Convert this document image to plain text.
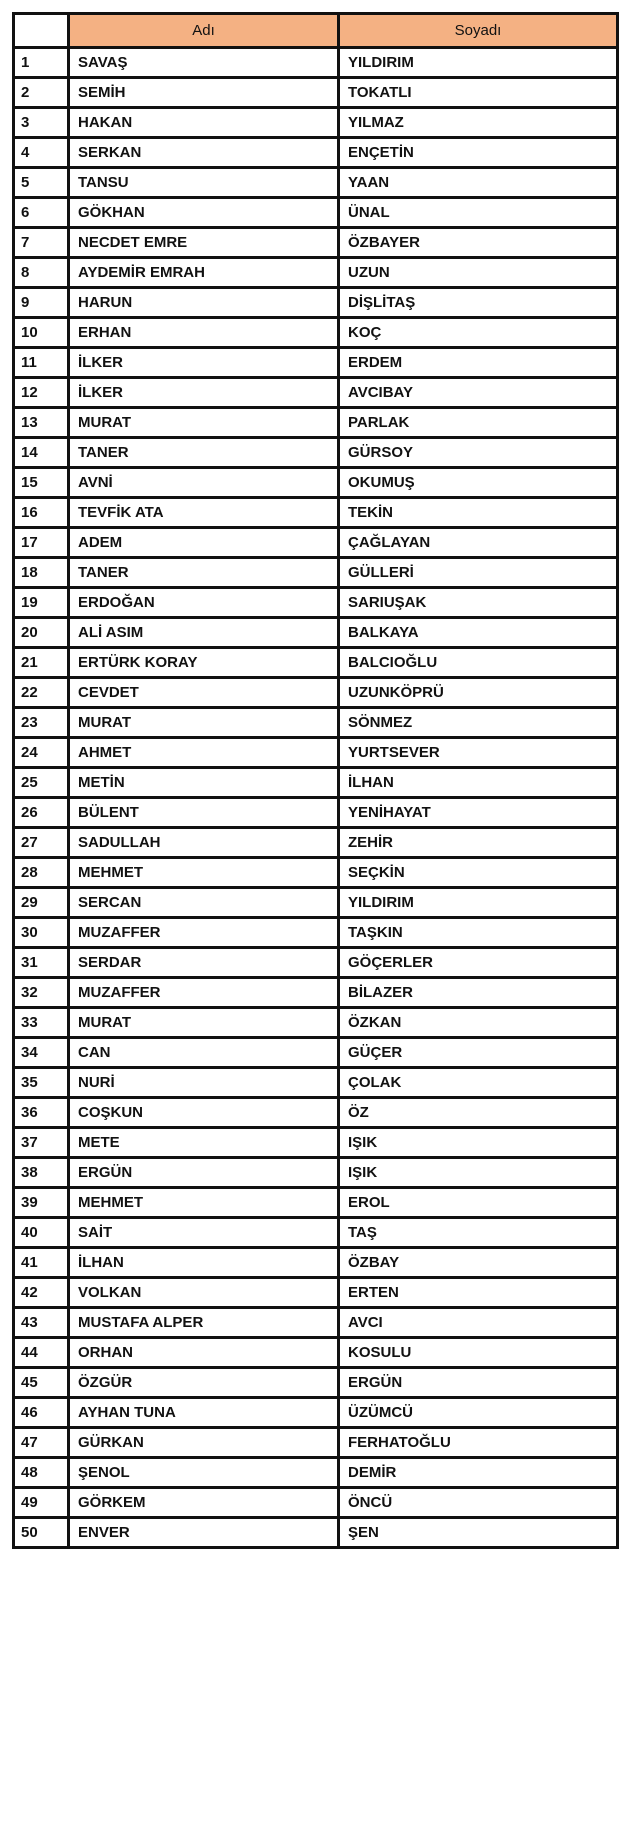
	Adı	Soyadı
1	SAVAŞ	YILDIRIM
2	SEMİH	TOKATLI
3	HAKAN	YILMAZ
4	SERKAN	ENÇETİN
5	TANSU	YAAN
6	GÖKHAN	ÜNAL
7	NECDET EMRE	ÖZBAYER
8	AYDEMİR EMRAH	UZUN
9	HARUN	DİŞLİTAŞ
10	ERHAN	KOÇ
11	İLKER	ERDEM
12	İLKER	AVCIBAY
13	MURAT	PARLAK
14	TANER	GÜRSOY
15	AVNİ	OKUMUŞ
16	TEVFİK ATA	TEKİN
17	ADEM	ÇAĞLAYAN
18	TANER	GÜLLERİ
19	ERDOĞAN	SARIUŞAK
20	ALİ ASIM	BALKAYA
21	ERTÜRK KORAY	BALCIOĞLU
22	CEVDET	UZUNKÖPRÜ
23	MURAT	SÖNMEZ
24	AHMET	YURTSEVER
25	METİN	İLHAN
26	BÜLENT	YENİHAYAT
27	SADULLAH	ZEHİR
28	MEHMET	SEÇKİN
29	SERCAN	YILDIRIM
30	MUZAFFER	TAŞKIN
31	SERDAR	GÖÇERLER
32	MUZAFFER	BİLAZER
33	MURAT	ÖZKAN
34	CAN	GÜÇER
35	NURİ	ÇOLAK
36	COŞKUN	ÖZ
37	METE	IŞIK
38	ERGÜN	IŞIK
39	MEHMET	EROL
40	SAİT	TAŞ
41	İLHAN	ÖZBAY
42	VOLKAN	ERTEN
43	MUSTAFA ALPER	AVCI
44	ORHAN	KOSULU
45	ÖZGÜR	ERGÜN
46	AYHAN TUNA	ÜZÜMCÜ
47	GÜRKAN	FERHATOĞLU
48	ŞENOL	DEMİR
49	GÖRKEM	ÖNCÜ
50	ENVER	ŞEN
